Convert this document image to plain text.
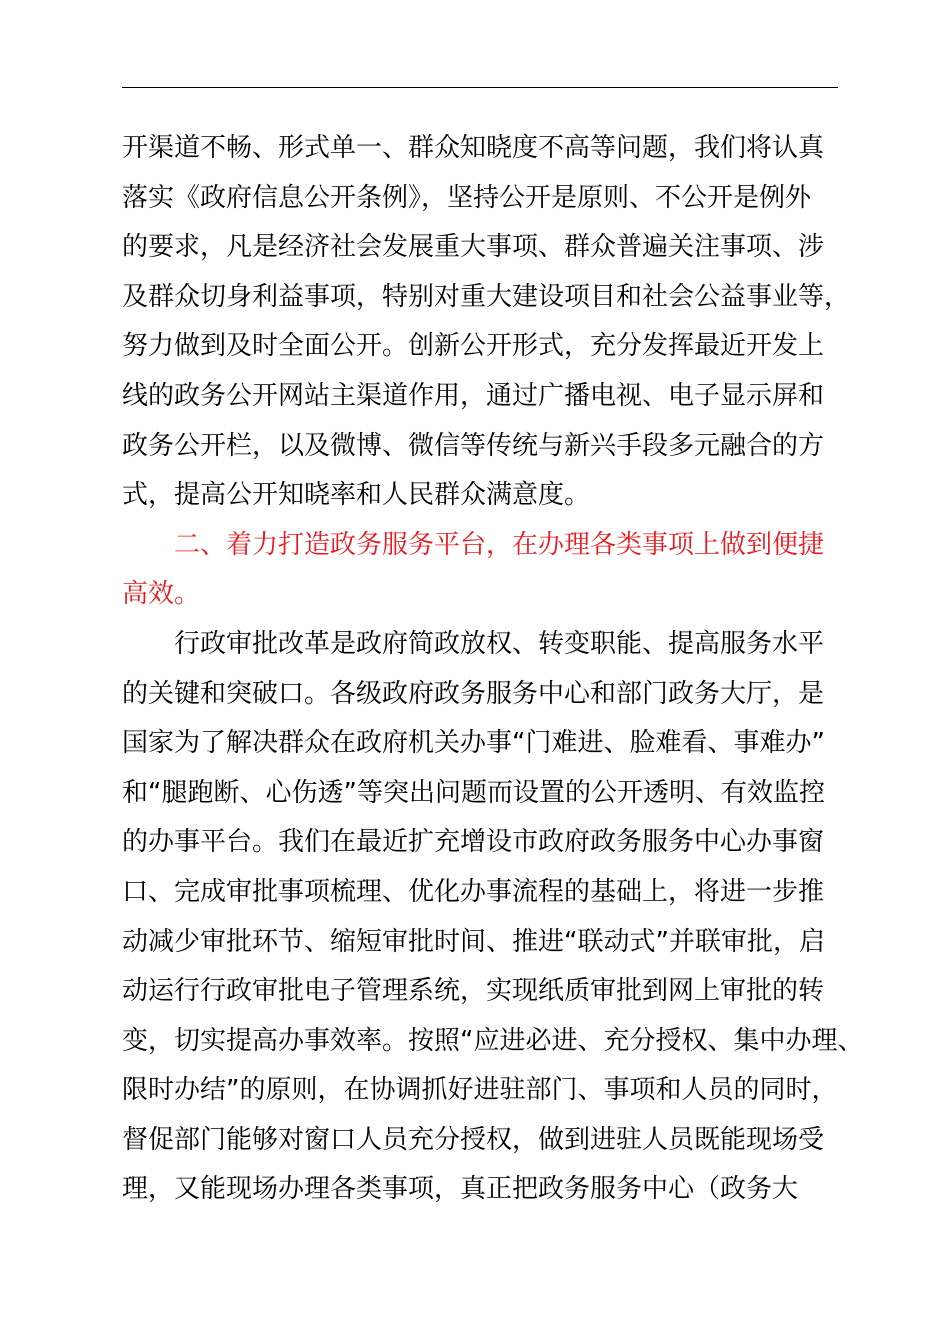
开渠道不畅、形式单一、群众知晓度不高等问题，我们将认真
落实《政府信息公开条例》，坚持公开是原则、不公开是例外
的要求，凡是经济社会发展重大事项、群众普遍关注事项、涉
及群众切身利益事项，特别对重大建设项目和社会公益事业等，
努力做到及时全面公开。创新公开形式，充分发挥最近开发上
线的政务公开网站主渠道作用，通过广播电视、电子显示屏和
政务公开栏，以及微博、微信等传统与新兴手段多元融合的方
式，提高公开知晓率和人民群众满意度。
二、着力打造政务服务平台，在办理各类事项上做到便捷
高效。
行政审批改革是政府简政放权、转变职能、提高服务水平
的关键和突破口。各级政府政务服务中心和部门政务大厅，是
国家为了解决群众在政府机关办事“门难进、脸难看、事难办”
和“腿跑断、心伤透”等突出问题而设置的公开透明、有效监控
的办事平台。我们在最近扩充增设市政府政务服务中心办事窗
口、完成审批事项梳理、优化办事流程的基础上，将进一步推
动减少审批环节、缩短审批时间、推进“联动式”并联审批，启
动运行行政审批电子管理系统，实现纸质审批到网上审批的转
变，切实提高办事效率。按照“应进必进、充分授权、集中办理、
限时办结”的原则，在协调抓好进驻部门、事项和人员的同时，
督促部门能够对窗口人员充分授权，做到进驻人员既能现场受
理，又能现场办理各类事项，真正把政务服务中心（政务大
